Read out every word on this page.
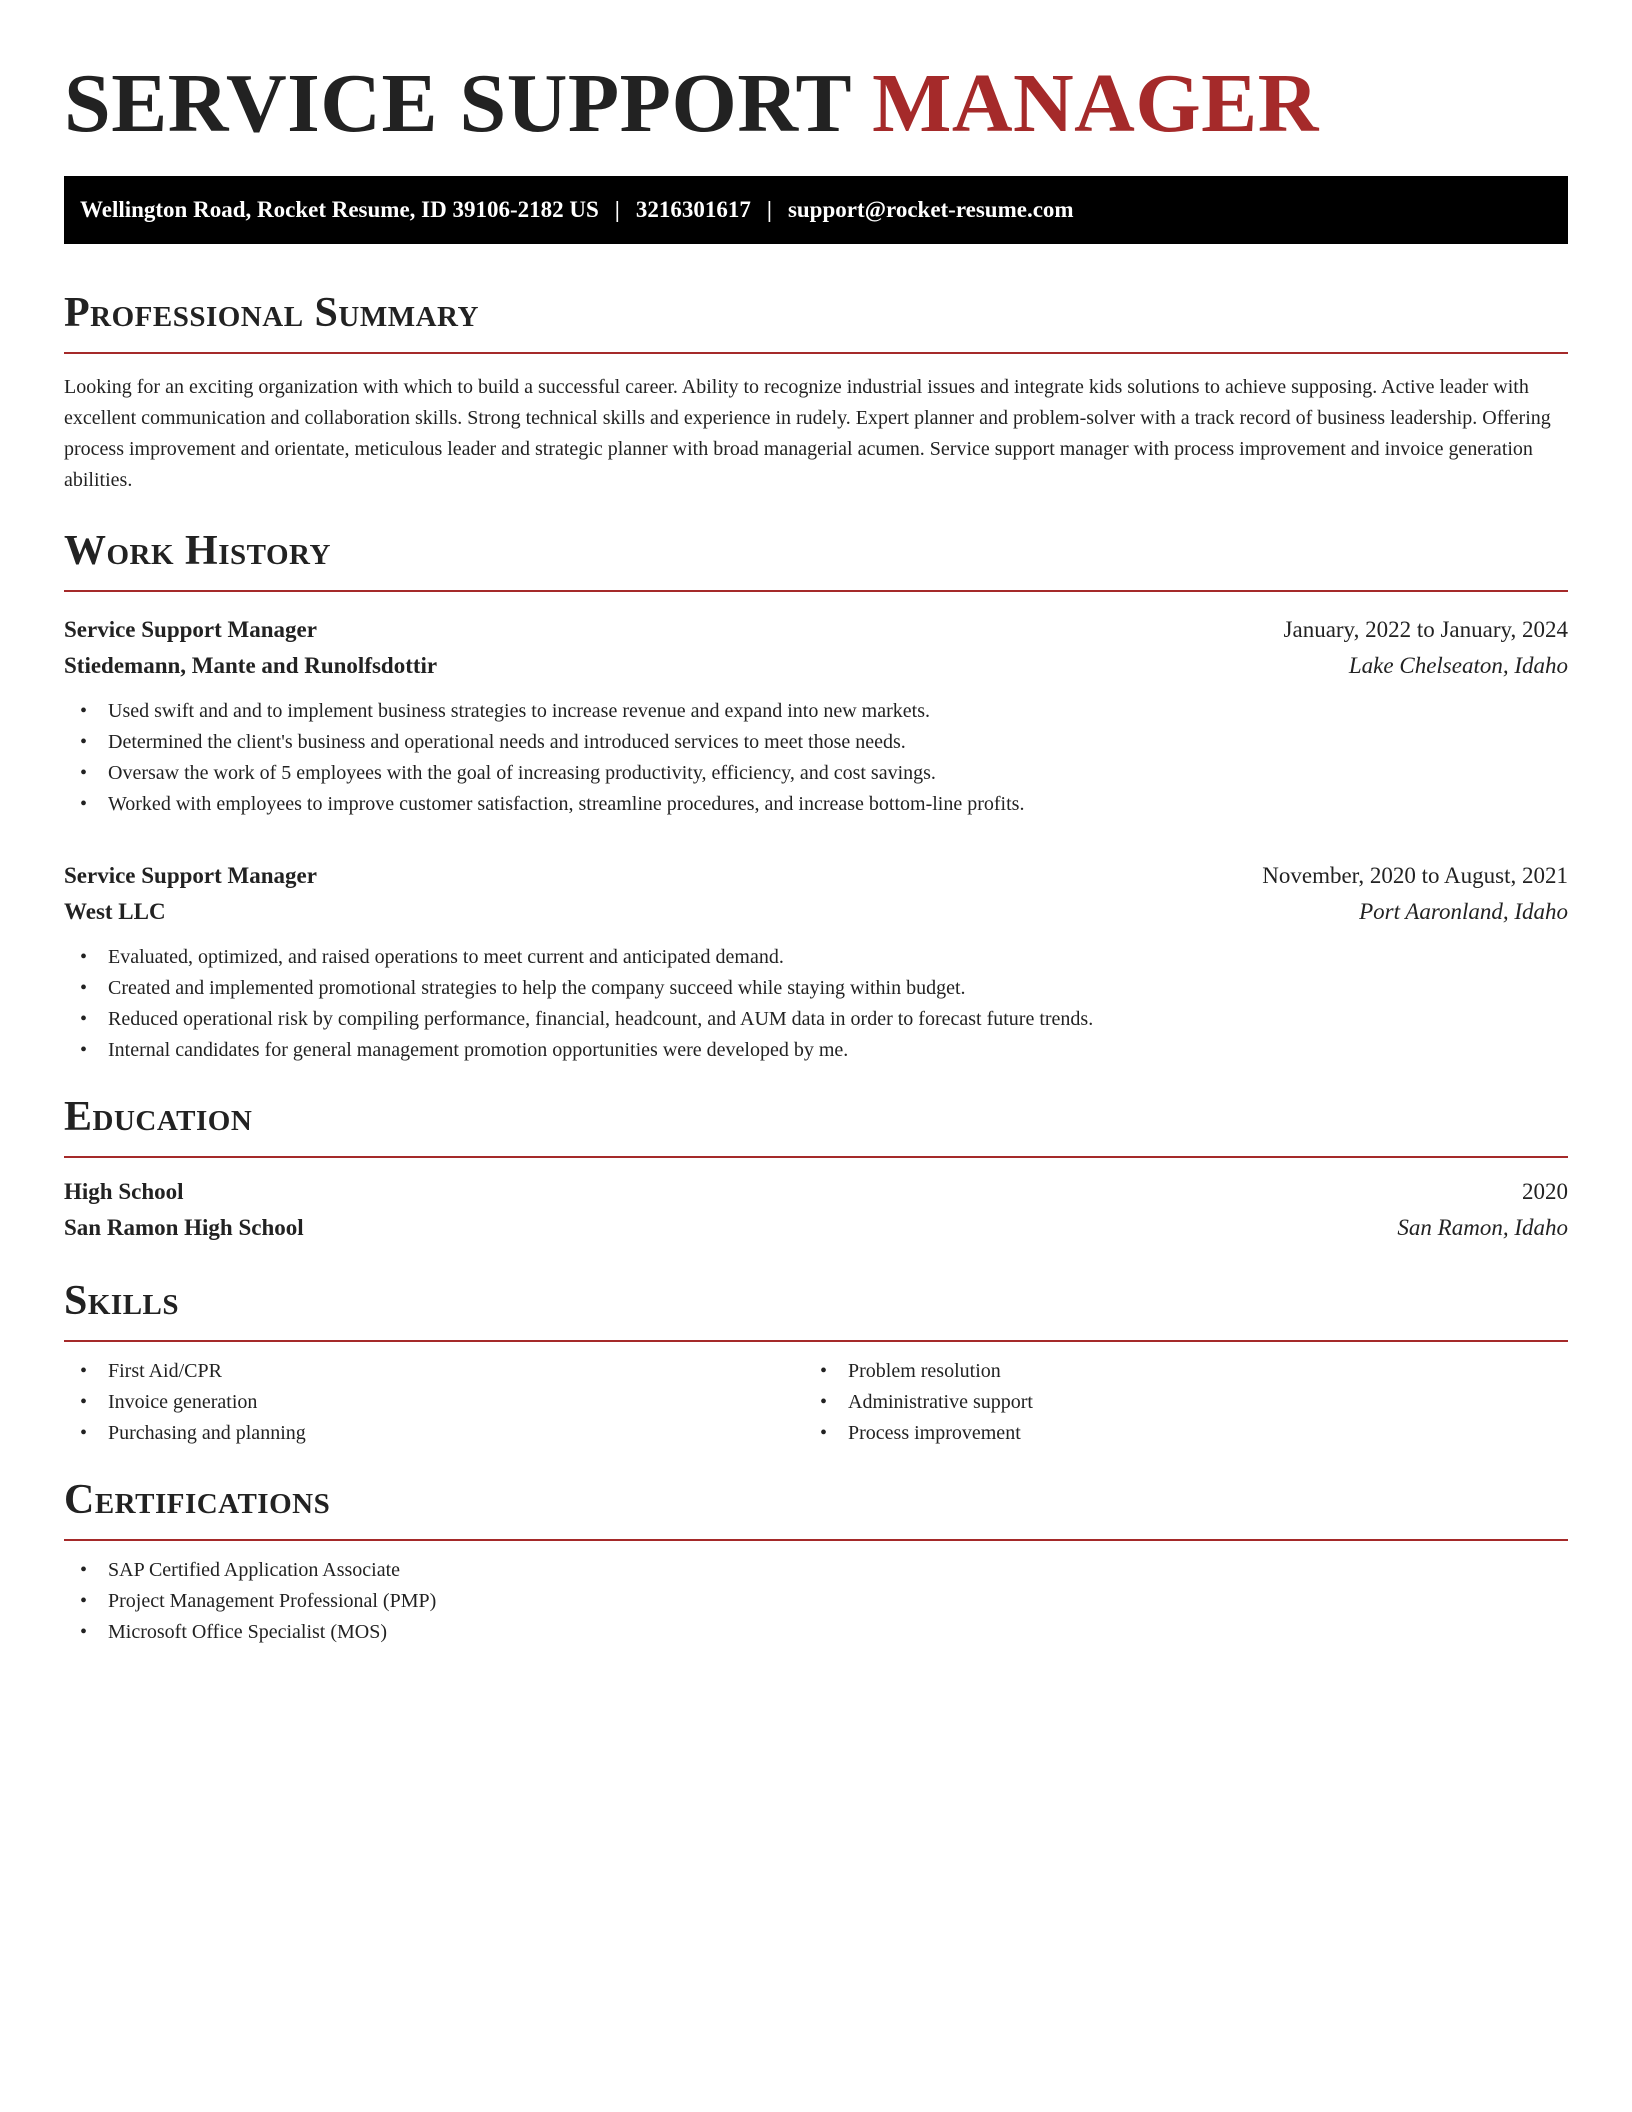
SERVICE SUPPORT MANAGER
Wellington Road, Rocket Resume, ID 39106-2182 US | 3216301617 | support@rocket-resume.com
Professional Summary

Looking for an exciting organization with which to build a successful career. Ability to recognize industrial issues and integrate kids solutions to achieve supposing. Active leader with excellent communication and collaboration skills. Strong technical skills and experience in rudely. Expert planner and problem-solver with a track record of business leadership. Offering process improvement and orientate, meticulous leader and strategic planner with broad managerial acumen. Service support manager with process improvement and invoice generation abilities.

Work History
Service Support Manager	January, 2022 to January, 2024
Stiedemann, Mante and Runolfsdottir	Lake Chelseaton, Idaho
• Used swift and and to implement business strategies to increase revenue and expand into new markets.
• Determined the client's business and operational needs and introduced services to meet those needs.
• Oversaw the work of 5 employees with the goal of increasing productivity, efficiency, and cost savings.
• Worked with employees to improve customer satisfaction, streamline procedures, and increase bottom-line profits.
Service Support Manager	November, 2020 to August, 2021
West LLC	Port Aaronland, Idaho
• Evaluated, optimized, and raised operations to meet current and anticipated demand.
• Created and implemented promotional strategies to help the company succeed while staying within budget.
• Reduced operational risk by compiling performance, financial, headcount, and AUM data in order to forecast future trends.
• Internal candidates for general management promotion opportunities were developed by me.
Education
High School	2020
San Ramon High School	San Ramon, Idaho
Skills
• First Aid/CPR
• Invoice generation
• Purchasing and planning
• Problem resolution
• Administrative support
• Process improvement
Certifications
• SAP Certified Application Associate
• Project Management Professional (PMP)
• Microsoft Office Specialist (MOS)
